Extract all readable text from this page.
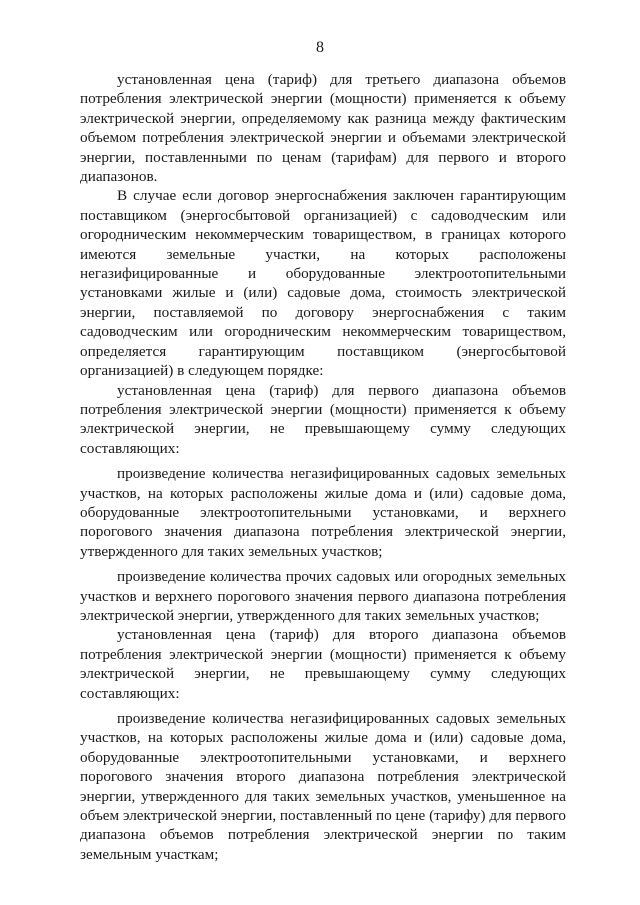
8

установленная цена (тариф) для третьего диапазона объемов потребления электрической энергии (мощности) применяется к объему электрической энергии, определяемому как разница между фактическим объемом потребления электрической энергии и объемами электрической энергии, поставленными по ценам (тарифам) для первого и второго диапазонов.

В случае если договор энергоснабжения заключен гарантирующим поставщиком (энергосбытовой организацией) с садоводческим или огородническим некоммерческим товариществом, в границах которого имеются земельные участки, на которых расположены негазифицированные и оборудованные электроотопительными установками жилые и (или) садовые дома, стоимость электрической энергии, поставляемой по договору энергоснабжения с таким садоводческим или огородническим некоммерческим товариществом, определяется гарантирующим поставщиком (энергосбытовой организацией) в следующем порядке:

установленная цена (тариф) для первого диапазона объемов потребления электрической энергии (мощности) применяется к объему электрической энергии, не превышающему сумму следующих составляющих:

произведение количества негазифицированных садовых земельных участков, на которых расположены жилые дома и (или) садовые дома, оборудованные электроотопительными установками, и верхнего порогового значения диапазона потребления электрической энергии, утвержденного для таких земельных участков;

произведение количества прочих садовых или огородных земельных участков и верхнего порогового значения первого диапазона потребления электрической энергии, утвержденного для таких земельных участков;

установленная цена (тариф) для второго диапазона объемов потребления электрической энергии (мощности) применяется к объему электрической энергии, не превышающему сумму следующих составляющих:

произведение количества негазифицированных садовых земельных участков, на которых расположены жилые дома и (или) садовые дома, оборудованные электроотопительными установками, и верхнего порогового значения второго диапазона потребления электрической энергии, утвержденного для таких земельных участков, уменьшенное на объем электрической энергии, поставленный по цене (тарифу) для первого диапазона объемов потребления электрической энергии по таким земельным участкам;
